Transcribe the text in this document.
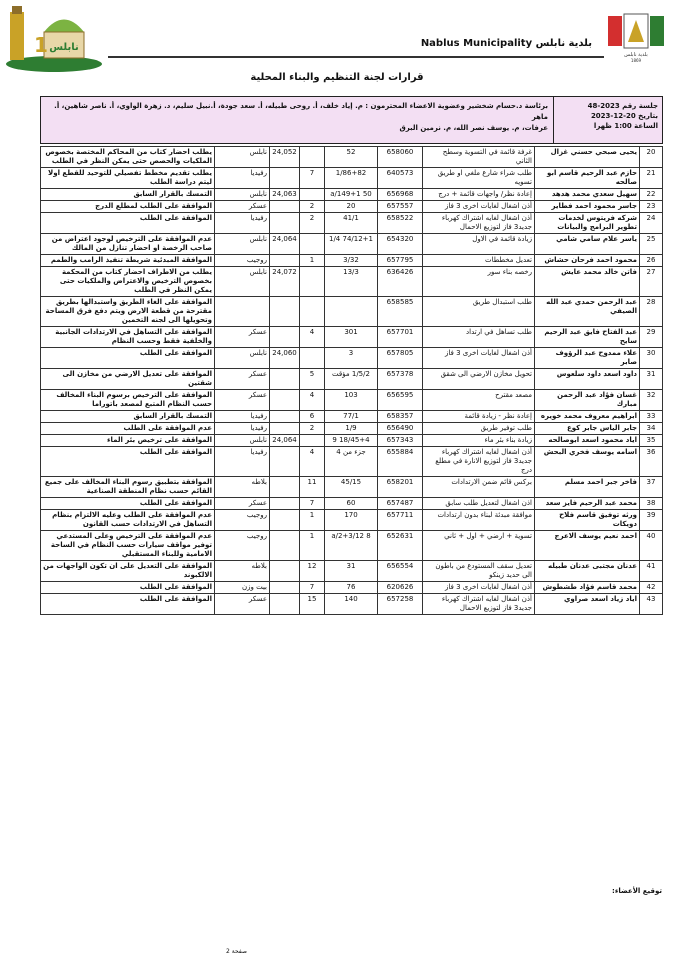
نابلس
1	بلدية نابلس
1869
Nablus Municipality بلدية نابلس
قرارات لجنة التنظيم والبناء المحلية
جلسة رقم 2023-48
بتاريخ 20-12-2023
الساعة 1:00 ظهرا
برئاسة د.حسام شخشير وعضوية الاعضاء المحترمون : م. إياد خلف، أ. روحى طبيله، أ. سعد جودة، أ.نبيل سليم، د. زهرة الواوي، أ. ناصر شاهين، أ. ماهر
عرفات، م. يوسف نصر الله، م. نرمين البرق
20	يحيى صبحي حسني غزال	غرفة قائمة في التسوية وسطح الثاني	658060	52		24,052	نابلس	يطلب احضار كتاب من المحاكم المختصة بخصوص الملكيات والحصص حتى يمكن النظر في الطلب
21	حازم عبد الرحيم قاسم ابو صالحه	طلب شراء شارع ملغي او طريق تسويه	640573	1/86+82	7		رفيديا	يطلب تقديم مخطط تفصيلي للتوحيد للقطع اولا ليتم دراسة الطلب
22	سهيل سعدي محمد هدهد	إعادة نظر/ واجهات قائمة + درج	656968	a/149+1 50		24,063	نابلس	التمسك بالقرار السابق
23	جاسر محمود احمد فطاير	أذن اشغال لغايات اخرى 3 فاز	657557	20	2		عسكر	الموافقة على الطلب لمطلع الدرج
24	شركه فريتوس لخدمات تطوير البرامج والبيانات	أذن اشغال لغايه اشتراك كهرباء جديد3 فاز لتوزيع الاحمال	658522	41/1	2		رفيديا	الموافقة على الطلب
25	ياسر علام سامي شامي	زيادة قائمة في الاول	654320	74/12+1 1/4		24,064	نابلس	عدم الموافقة على الترخيص لوجود اعتراض من صاحب الرخصة او احضار تنازل من المالك
26	محمود احمد فرحان حشاش	تعديل مخططات	657795	3/32	1		روجيب	الموافقة المبدئية شريطة تنفيذ الرامب والطمم
27	فاتن خالد محمد عايش	رخصه بناء سور	636426	13/3		24,072	نابلس	يطلب من الاطراف احضار كتاب من المحكمة بخصوص الترخيص والاعتراض والملكيات حتى يمكن النظر في الطلب
28	عبد الرحمن حمدي عبد الله الصيفي	طلب استبدال طريق	658585					الموافقة على الغاء الطريق واستبدالها بطريق مقترحة من قطعة الارض ويتم دفع فرق المساحة وتحويلها الى لجنه التخمين
29	عبد الفتاح فايق عبد الرحيم سايح	طلب تساهل في ارتداد	657701	301	4		عسكر	الموافقة على التساهل في الارتدادات الجانبية والخلفية فقط وحسب النظام
30	علاء ممدوح عبد الرؤوف صابر	أذن اشغال لغايات اخرى 3 فاز	657805	3		24,060	نابلس	الموافقة على الطلب
31	داود اسعد داود سلعوس	تحويل مخازن الارضي الى شقق	657378	1/5/2 مؤقت	5		عسكر	الموافقة على تعديل الارضي من مخازن الى شقتين
32	غسان فؤاد عبد الرحمن مبارك	مصعد مقترح	656595	103	4		عسكر	الموافقة على الترخيص برسوم البناء المخالف حسب النظام المتبع لمصعد باتوراما
33	ابراهيم معروف محمد خويره	إعادة نظر - زيادة قائمة	658357	77/1	6		رفيديا	التمسك بالقرار السابق
34	جابر الياس جابر كوع	طلب توفير طريق	656490	1/9	2		رفيديا	عدم الموافقة على الطلب
35	اياد محمود اسعد ابوصالحه	زيادة بناء بئر ماء	657343	18/45+4 9		24,064	نابلس	الموافقة على ترخيص بئر الماء
36	اسامه يوسف فخري البحش	أذن اشغال لغايه اشتراك كهرباء جديد3 فاز لتوزيع الانارة في مطلع درج	655884	جزء من 4	4		رفيديا	الموافقة على الطلب
37	فاخر جبر احمد مسلم	بركس قائم ضمن الارتدادات	658201	45/15	11		بلاطه	الموافقة بتطبيق رسوم البناء المخالف على جميع القائم حسب نظام المنطقة الصناعية
38	محمد عبد الرحيم فايز سعد	اذن اشغال لتعديل طلب سابق	657487	60	7		عسكر	الموافقة على الطلب
39	ورثه توفيق قاسم فلاح دويكات	موافقة مبدئة لبناء بدون ارتدادات	657711	170	1		روجيب	عدم الموافقة على الطلب وعليه الالتزام بنظام التساهل في الارتدادات حسب القانون
40	احمد نعيم يوسف الاعرج	تسوية + ارضي + اول + ثاني	652631	a/2+3/12 8	1		روجيب	عدم الموافقة على الترخيص وعلى المستدعي توفير مواقف سيارات حسب النظام في الساحة الامامية وللبناء المستقبلي
41	عدنان مجتبى عدنان طبيله	تعديل سقف المستودع من باطون الى حديد زينكو	656554	31	12		بلاطه	الموافقة على التعديل على ان تكون الواجهات من الالكبوند
42	محمد قاسم فؤاد طشطوش	أذن اشغال لغايات اخرى 3 فاز	620626	76	7		بيت وزن	الموافقة على الطلب
43	اياد زياد اسعد صراوي	أذن اشغال لغايه اشتراك كهرباء جديد3 فاز لتوزيع الاحمال	657258	140	15		عسكر	الموافقة على الطلب
توقيع الأعضاء:
صفحة 2
